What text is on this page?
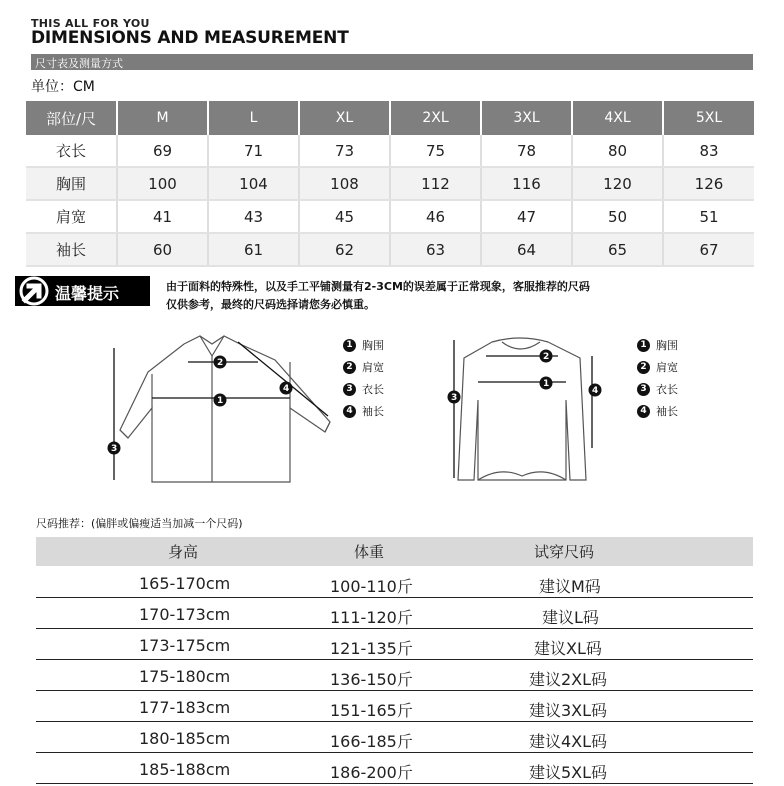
THIS ALL FOR YOU
DIMENSIONS AND MEASUREMENT
尺寸表及测量方式
单位：CM
部位/尺	M	L	XL	2XL	3XL	4XL	5XL
衣长	69	71	73	75	78	80	83
胸围	100	104	108	112	116	120	126
肩宽	41	43	45	46	47	50	51
袖长	60	61	62	63	64	65	67
温馨提示	由于面料的特殊性，以及手工平铺测量有2-3CM的误差属于正常现象，客服推荐的尺码
仅供参考，最终的尺码选择请您务必慎重。
1
2
3
4
1 胸围
2 肩宽
3 衣长
4 袖长
1
2
3
4
1 胸围
2 肩宽
3 衣长
4 袖长
尺码推荐：(偏胖或偏瘦适当加减一个尺码)
身高	体重	试穿尺码
165-170cm	100-110斤	建议M码
170-173cm	111-120斤	建议L码
173-175cm	121-135斤	建议XL码
175-180cm	136-150斤	建议2XL码
177-183cm	151-165斤	建议3XL码
180-185cm	166-185斤	建议4XL码
185-188cm	186-200斤	建议5XL码
